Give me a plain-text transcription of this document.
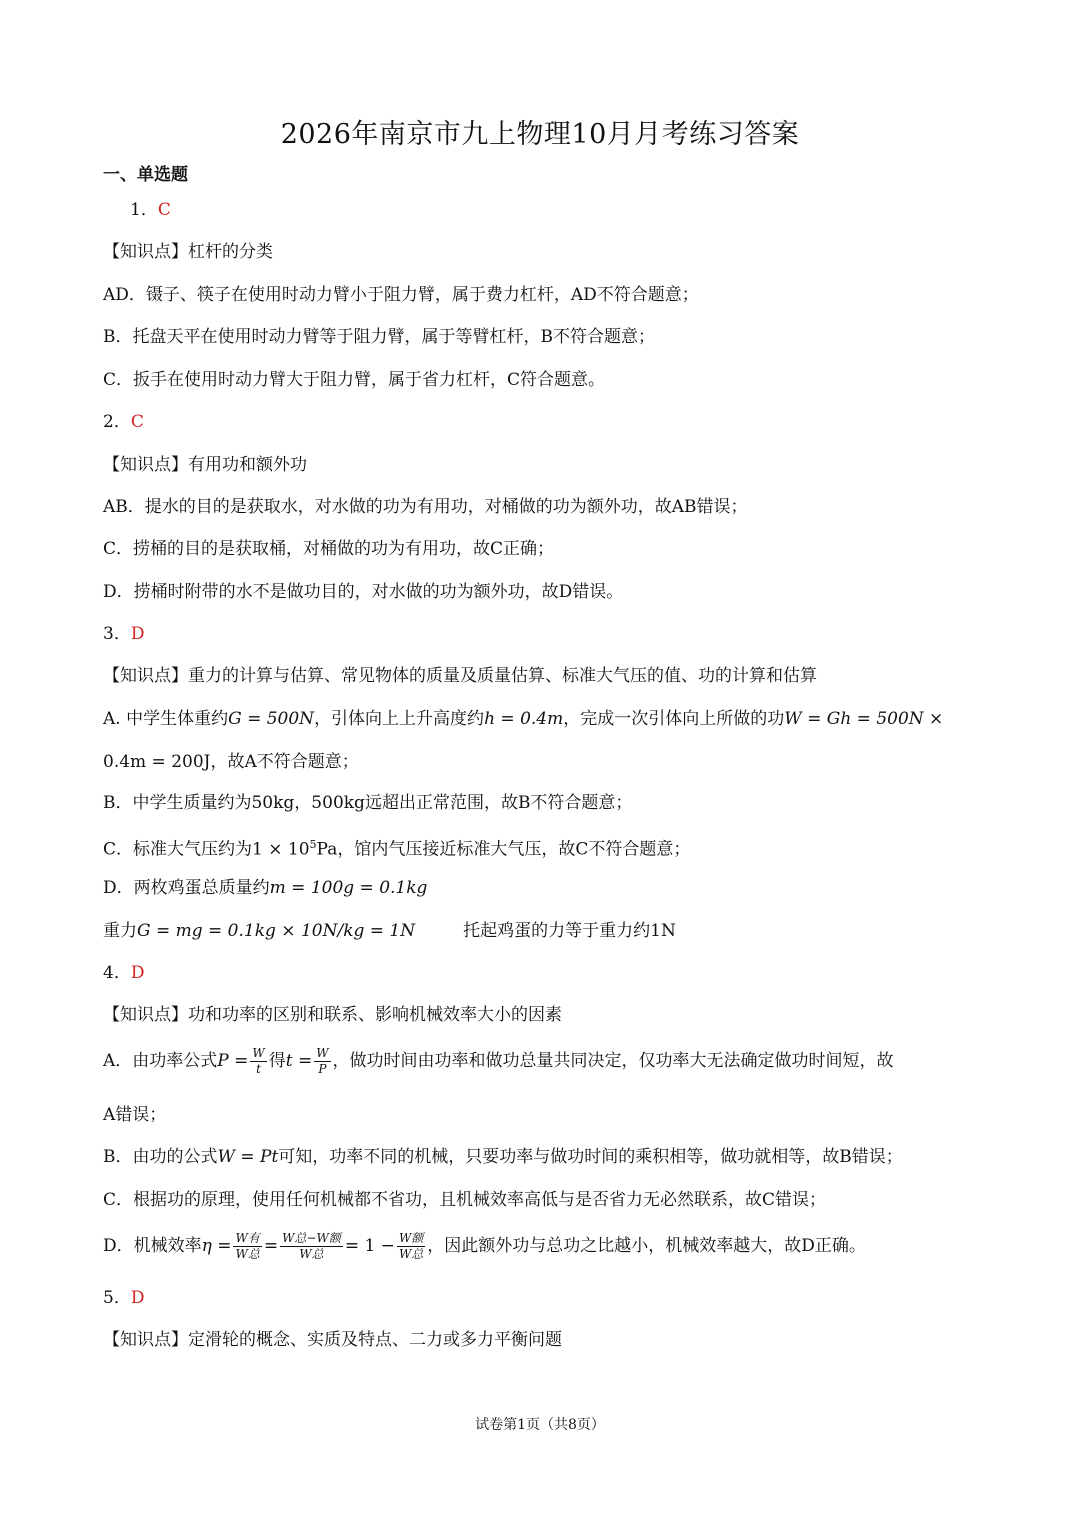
2026年南京市九上物理10月月考练习答案
一、单选题
1．C
【知识点】杠杆的分类
AD．镊子、筷子在使用时动力臂小于阻力臂，属于费力杠杆，AD不符合题意；
B．托盘天平在使用时动力臂等于阻力臂，属于等臂杠杆，B不符合题意；
C．扳手在使用时动力臂大于阻力臂，属于省力杠杆，C符合题意。
2．C
【知识点】有用功和额外功
AB．提水的目的是获取水，对水做的功为有用功，对桶做的功为额外功，故AB错误；
C．捞桶的目的是获取桶，对桶做的功为有用功，故C正确；
D．捞桶时附带的水不是做功目的，对水做的功为额外功，故D错误。
3．D
【知识点】重力的计算与估算、常见物体的质量及质量估算、标准大气压的值、功的计算和估算
A. 中学生体重约G = 500N，引体向上上升高度约h = 0.4m，完成一次引体向上所做的功W = Gh = 500N ×
0.4m = 200J，故A不符合题意；
B．中学生质量约为50kg，500kg远超出正常范围，故B不符合题意；
C．标准大气压约为$1 \times 10^5Pa$，馆内气压接近标准大气压，故C不符合题意；
D．两枚鸡蛋总质量约m = 100g = 0.1kg
重力G = mg = 0.1kg × 10N/kg = 1N	托起鸡蛋的力等于重力约1N
4．D
【知识点】功和功率的区别和联系、影响机械效率大小的因素
A．由功率公式$P = \frac{W}{t}$ 得$t = \frac{W}{P}$ ，做功时间由功率和做功总量共同决定，仅功率大无法确定做功时间短，故
A错误；
B．由功的公式W = Pt可知，功率不同的机械，只要功率与做功时间的乘积相等，做功就相等，故B错误；
C．根据功的原理，使用任何机械都不省功，且机械效率高低与是否省力无必然联系，故C错误；
D．机械效率$\eta = \frac{\text{W有}}{\text{W总}} = \frac{\text{W总−W额}}{\text{W总}} = 1 - \frac{\text{W额}}{\text{W总}}$ ，因此额外功与总功之比越小，机械效率越大，故D正确。
5．D
【知识点】定滑轮的概念、实质及特点、二力或多力平衡问题
试卷第1页（共8页）
